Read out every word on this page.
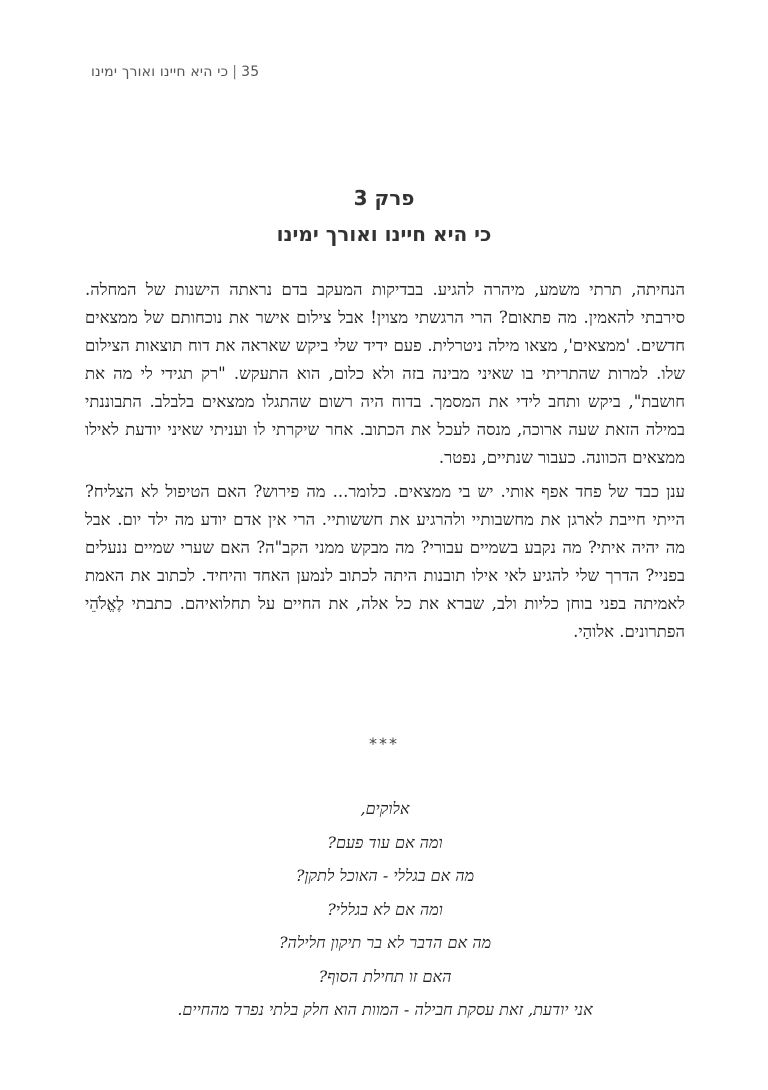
35|כי היא חיינו ואורך ימינו
פרק 3
כי היא חיינו ואורך ימינו

הנחיתה, תרתי משמע, מיהרה להגיע. בבדיקות המעקב בדם נראתה הישנות של המחלה. סירבתי להאמין. מה פתאום? הרי הרגשתי מצוין! אבל צילום אישר את נוכחותם של ממצאים חדשים. 'ממצאים', מצאו מילה ניטרלית. פעם ידיד שלי ביקש שאראה את דוח תוצאות הצילום שלו. למרות שהתריתי בו שאיני מבינה בזה ולא כלום, הוא התעקש. "רק תגידי לי מה את חושבת", ביקש ותחב לידי את המסמך. בדוח היה רשום שהתגלו ממצאים בלבלב. התבוננתי במילה הזאת שעה ארוכה, מנסה לעכל את הכתוב. אחר שיקרתי לו ועניתי שאיני יודעת לאילו ממצאים הכוונה. כעבור שנתיים, נפטר.

ענן כבד של פחד אפף אותי. יש בי ממצאים. כלומר... מה פירוש? האם הטיפול לא הצליח? הייתי חייבת לארגן את מחשבותיי ולהרגיע את חששותיי. הרי אין אדם יודע מה ילד יום. אבל מה יהיה איתי? מה נקבע בשמיים עבורי? מה מבקש ממני הקב"ה? האם שערי שמיים ננעלים בפניי? הדרך שלי להגיע לאי אילו תובנות היתה לכתוב לנמען האחד והיחיד. לכתוב את האמת לאמיתה בפני בוחן כליות ולב, שברא את כל אלה, את החיים על תחלואיהם. כתבתי לֶאֱלֹהֵי הפתרונים. אלוהַי.

***

אלוקים,

ומה אם עוד פעם?

מה אם בגללי - האוכל לתקן?

ומה אם לא בגללי?

מה אם הדבר לא בר תיקון חלילה?

האם זו תחילת הסוף?

אני יודעת, זאת עסקת חבילה - המוות הוא חלק בלתי נפרד מהחיים.
